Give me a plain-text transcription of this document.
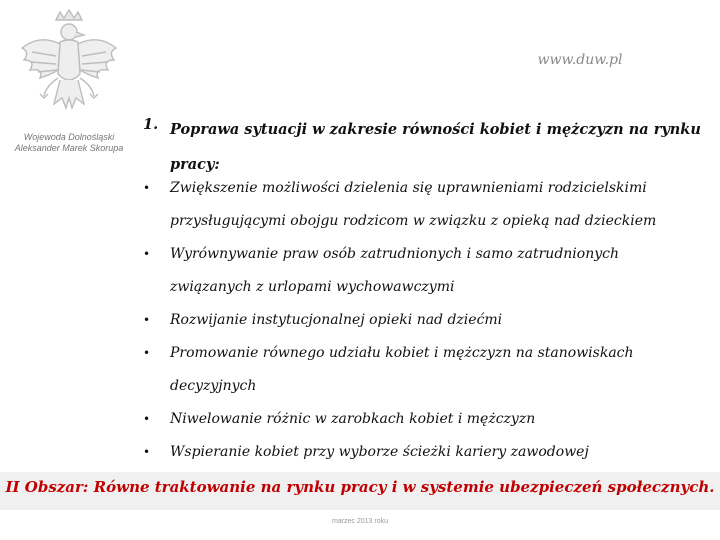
Wojewoda Dolnośląski
Aleksander Marek Skorupa
www.duw.pl
1. Poprawa sytuacji w zakresie równości kobiet i mężczyzn na rynku pracy:
• Zwiększenie możliwości dzielenia się uprawnieniami rodzicielskimi przysługującymi obojgu rodzicom w związku z opieką nad dzieckiem
• Wyrównywanie praw osób zatrudnionych i samo zatrudnionych związanych z urlopami wychowawczymi
• Rozwijanie instytucjonalnej opieki nad dziećmi
• Promowanie równego udziału kobiet i mężczyzn na stanowiskach decyzyjnych
• Niwelowanie różnic w zarobkach kobiet i mężczyzn
• Wspieranie kobiet przy wyborze ścieżki kariery zawodowej
II Obszar: Równe traktowanie na rynku pracy i w systemie ubezpieczeń społecznych.
marzec 2013 roku
